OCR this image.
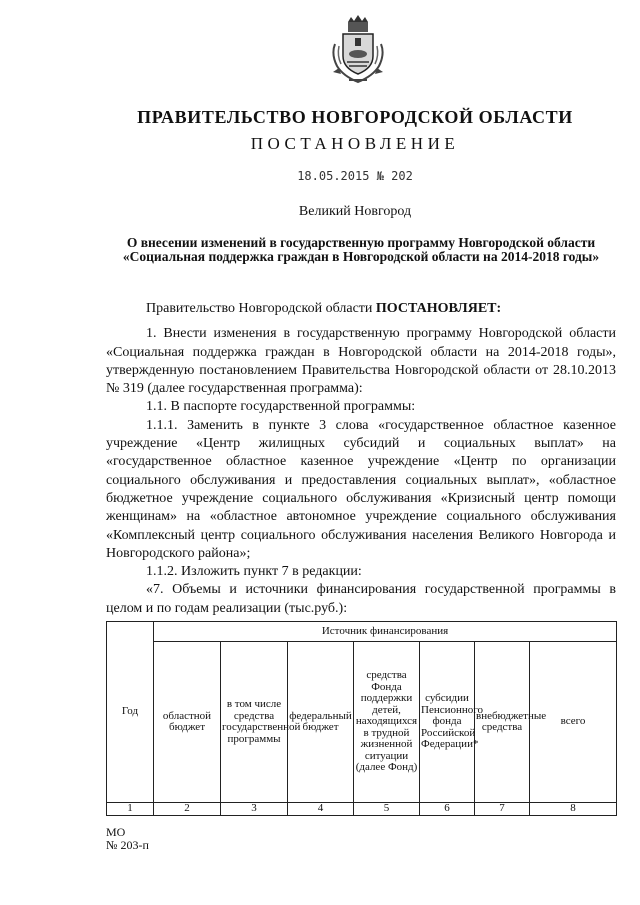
ПРАВИТЕЛЬСТВО НОВГОРОДСКОЙ ОБЛАСТИ
ПОСТАНОВЛЕНИЕ
18.05.2015 № 202
Великий Новгород
О внесении изменений в государственную программу Новгородской области «Социальная поддержка граждан в Новгородской области на 2014-2018 годы»

Правительство Новгородской области ПОСТАНОВЛЯЕТ:

1. Внести изменения в государственную программу Новгородской области «Социальная поддержка граждан в Новгородской области на 2014-2018 годы», утвержденную постановлением Правительства Новгородской области от 28.10.2013 № 319 (далее государственная программа):

1.1. В паспорте государственной программы:

1.1.1. Заменить в пункте 3 слова «государственное областное казенное учреждение «Центр жилищных субсидий и социальных выплат» на «государственное областное казенное учреждение «Центр по организации социального обслуживания и предоставления социальных выплат», «областное бюджетное учреждение социального обслуживания «Кризисный центр помощи женщинам» на «областное автономное учреждение социального обслуживания «Комплексный центр социального обслуживания населения Великого Новгорода и Новгородского района»;

1.1.2. Изложить пункт 7 в редакции:

«7. Объемы и источники финансирования государственной программы в целом и по годам реализации (тыс.руб.):

Год	Источник финансирования						
	областной бюджет	в том числе средства государственной программы	федеральный бюджет	средства Фонда поддержки детей, находящихся в трудной жизненной ситуации (далее Фонд)	субсидии Пенсионного фонда Российской Федерации*	внебюджетные средства	всего
1	2	3	4	5	6	7	8
МО
№ 203-п
